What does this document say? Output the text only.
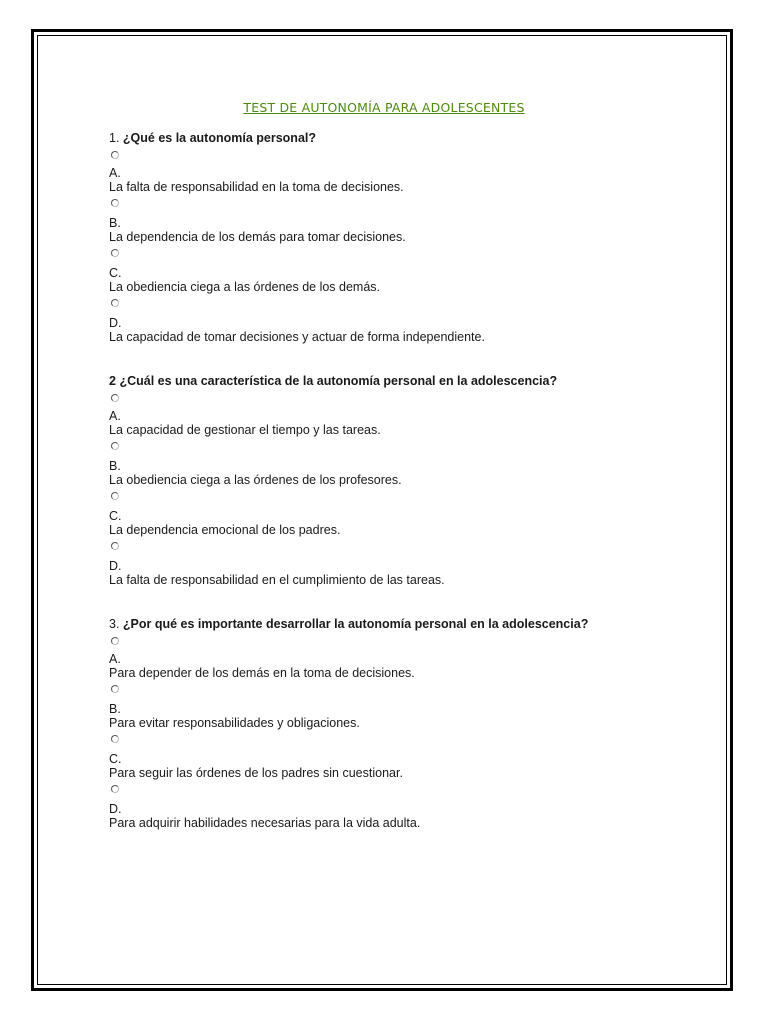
TEST DE AUTONOMÍA PARA ADOLESCENTES
1. ¿Qué es la autonomía personal?
A.
La falta de responsabilidad en la toma de decisiones.
B.
La dependencia de los demás para tomar decisiones.
C.
La obediencia ciega a las órdenes de los demás.
D.
La capacidad de tomar decisiones y actuar de forma independiente.
2 ¿Cuál es una característica de la autonomía personal en la adolescencia?
A.
La capacidad de gestionar el tiempo y las tareas.
B.
La obediencia ciega a las órdenes de los profesores.
C.
La dependencia emocional de los padres.
D.
La falta de responsabilidad en el cumplimiento de las tareas.
3. ¿Por qué es importante desarrollar la autonomía personal en la adolescencia?
A.
Para depender de los demás en la toma de decisiones.
B.
Para evitar responsabilidades y obligaciones.
C.
Para seguir las órdenes de los padres sin cuestionar.
D.
Para adquirir habilidades necesarias para la vida adulta.
